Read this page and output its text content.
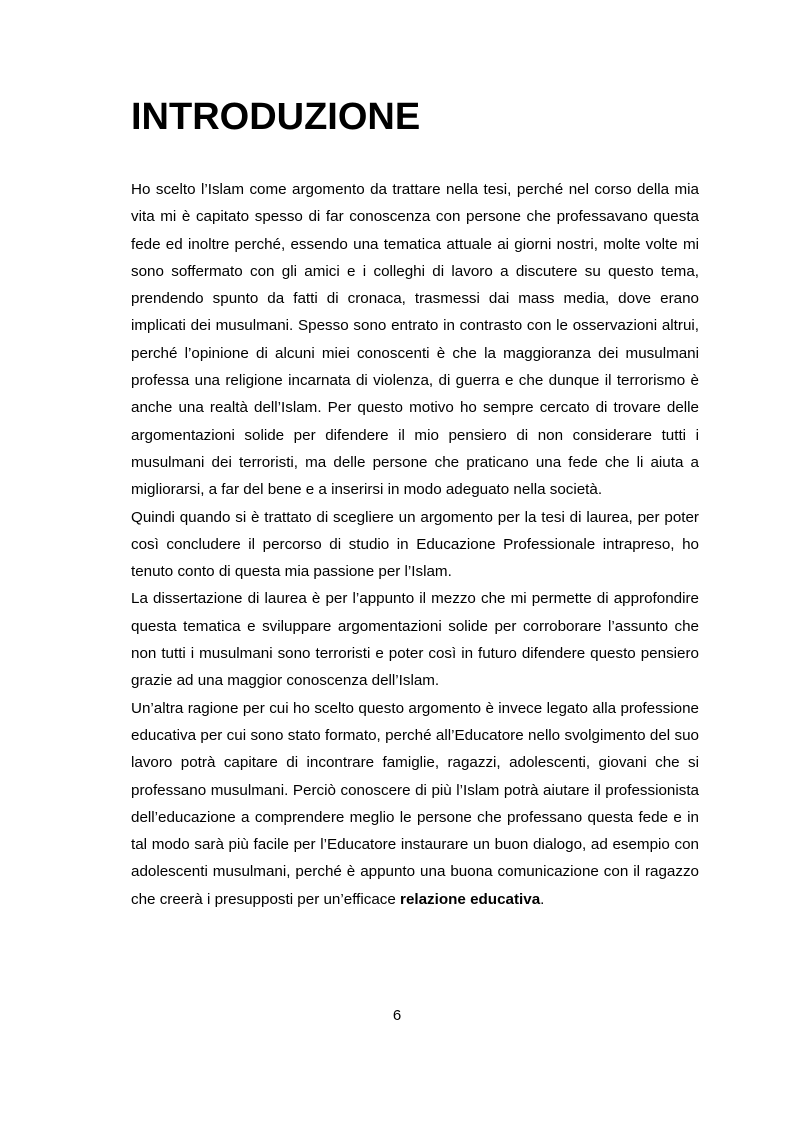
INTRODUZIONE

Ho scelto l’Islam come argomento da trattare nella tesi, perché nel corso della mia vita mi è capitato spesso di far conoscenza con persone che professavano questa fede ed inoltre perché, essendo una tematica attuale ai giorni nostri, molte volte mi sono soffermato con gli amici e i colleghi di lavoro a discutere su questo tema, prendendo spunto da fatti di cronaca, trasmessi dai mass media, dove erano implicati dei musulmani. Spesso sono entrato in contrasto con le osservazioni altrui, perché l’opinione di alcuni miei conoscenti è che la maggioranza dei musulmani professa una religione incarnata di violenza, di guerra e che dunque il terrorismo è anche una realtà dell’Islam. Per questo motivo ho sempre cercato di trovare delle argomentazioni solide per difendere il mio pensiero di non considerare tutti i musulmani dei terroristi, ma delle persone che praticano una fede che li aiuta a migliorarsi, a far del bene e a inserirsi in modo adeguato nella società.

Quindi quando si è trattato di scegliere un argomento per la tesi di laurea, per poter così concludere il percorso di studio in Educazione Professionale intrapreso, ho tenuto conto di questa mia passione per l’Islam.

La dissertazione di laurea è per l’appunto il mezzo che mi permette di approfondire questa tematica e sviluppare argomentazioni solide per corroborare l’assunto che non tutti i musulmani sono terroristi e poter così in futuro difendere questo pensiero grazie ad una maggior conoscenza dell’Islam.

Un’altra ragione per cui ho scelto questo argomento è invece legato alla professione educativa per cui sono stato formato, perché all’Educatore nello svolgimento del suo lavoro potrà capitare di incontrare famiglie, ragazzi, adolescenti, giovani che si professano musulmani. Perciò conoscere di più l’Islam potrà aiutare il professionista dell’educazione a comprendere meglio le persone che professano questa fede e in tal modo sarà più facile per l’Educatore instaurare un buon dialogo, ad esempio con adolescenti musulmani, perché è appunto una buona comunicazione con il ragazzo che creerà i presupposti per un’efficace relazione educativa.

6
